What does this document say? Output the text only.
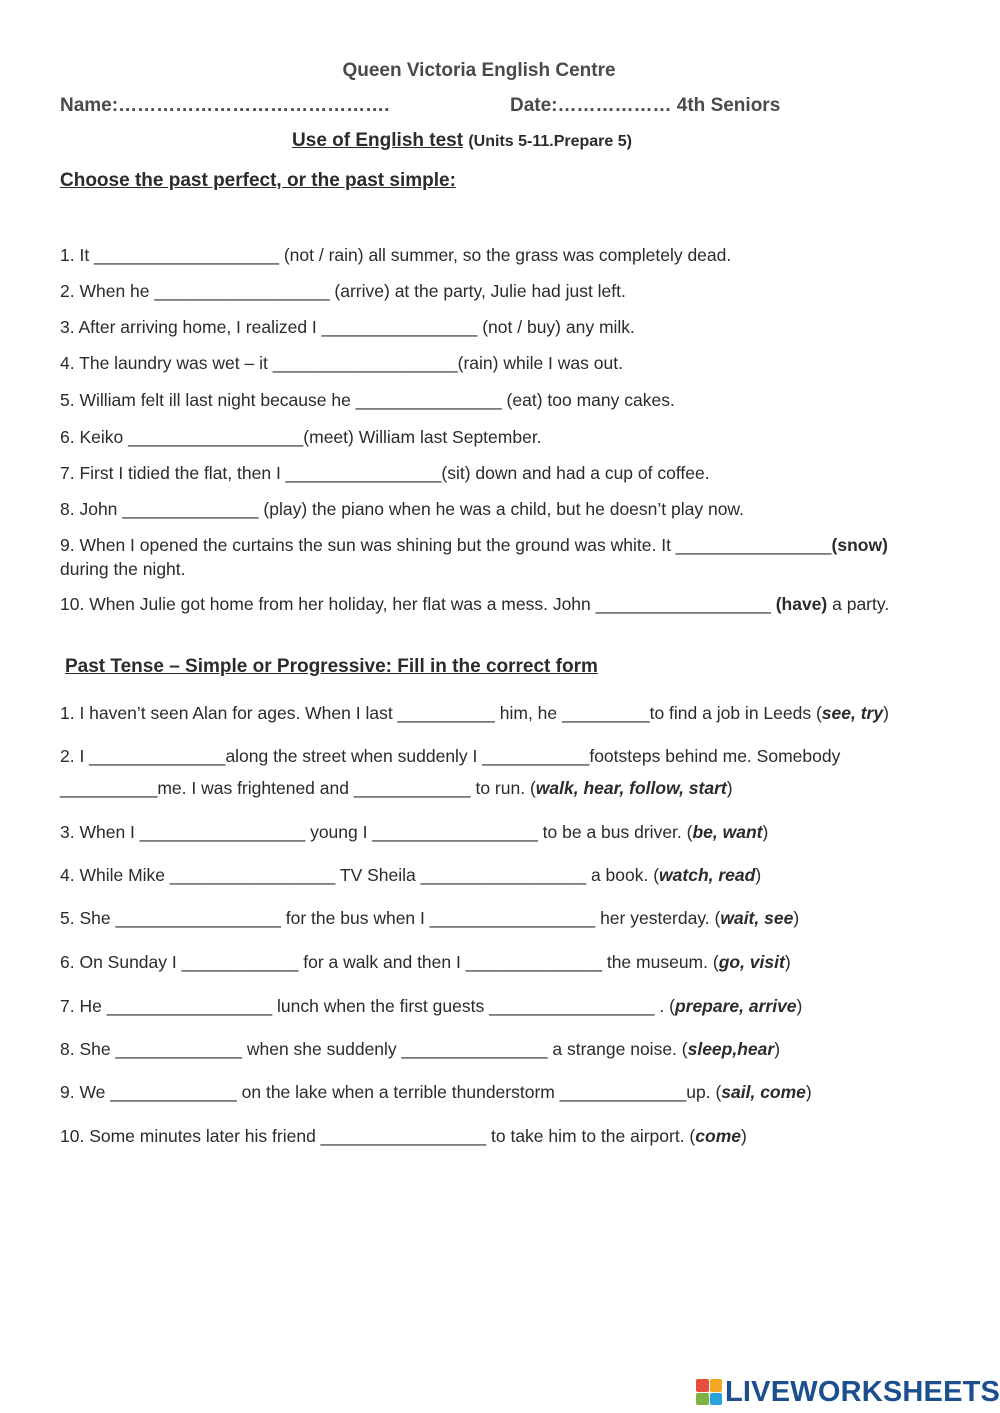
Queen Victoria English Centre
Name:…………………………………….	Date:……………… 4th Seniors
Use of English test (Units 5-11.Prepare 5)
Choose the past perfect, or the past simple:
1. It ___________________ (not / rain) all summer, so the grass was completely dead.
2. When he __________________ (arrive) at the party, Julie had just left.
3. After arriving home, I realized I ________________ (not / buy) any milk.
4. The laundry was wet – it ___________________(rain) while I was out.
5. William felt ill last night because he _______________ (eat) too many cakes.
6. Keiko __________________(meet) William last September.
7. First I tidied the flat, then I ________________(sit) down and had a cup of coffee.
8. John ______________ (play) the piano when he was a child, but he doesn’t play now.
9. When I opened the curtains the sun was shining but the ground was white. It ________________(snow)
during the night.
10. When Julie got home from her holiday, her flat was a mess. John __________________ (have) a party.
Past Tense – Simple or Progressive: Fill in the correct form
1. I haven’t seen Alan for ages. When I last __________ him, he _________to find a job in Leeds (see, try)
2. I ______________along the street when suddenly I ___________footsteps behind me. Somebody
__________me. I was frightened and ____________ to run. (walk, hear, follow, start)
3. When I _________________ young I _________________ to be a bus driver. (be, want)
4. While Mike _________________ TV Sheila _________________ a book. (watch, read)
5. She _________________ for the bus when I _________________ her yesterday. (wait, see)
6. On Sunday I ____________ for a walk and then I ______________ the museum. (go, visit)
7. He _________________ lunch when the first guests _________________ . (prepare, arrive)
8. She _____________ when she suddenly _______________ a strange noise. (sleep,hear)
9. We _____________ on the lake when a terrible thunderstorm _____________up. (sail, come)
10. Some minutes later his friend _________________ to take him to the airport. (come)
LIVEWORKSHEETS
